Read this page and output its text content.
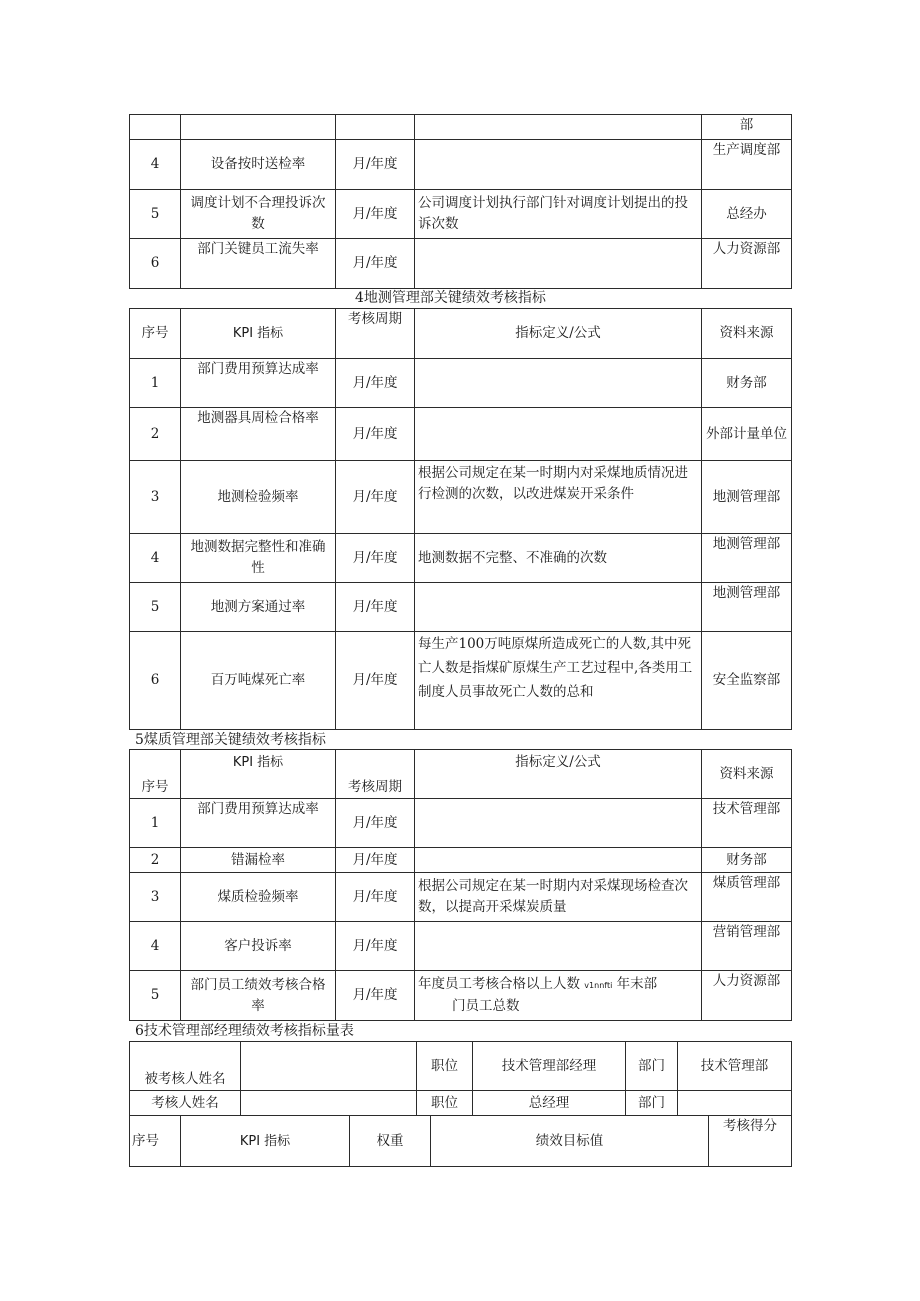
				部
4	设备按时送检率	月/年度		生产调度部
5	调度计划不合理投诉次数	月/年度	公司调度计划执行部门针对调度计划提出的投诉次数	总经办
6	部门关键员工流失率	月/年度		人力资源部
4地测管理部关键绩效考核指标
序号	KPI 指标	考核周期	指标定义/公式	资料来源
1	部门费用预算达成率	月/年度		财务部
2	地测器具周检合格率	月/年度		外部计量单位
3	地测检验频率	月/年度	根据公司规定在某一时期内对采煤地质情况进行检测的次数，以改进煤炭开采条件	地测管理部
4	地测数据完整性和准确性	月/年度	地测数据不完整、不准确的次数	地测管理部
5	地测方案通过率	月/年度		地测管理部
6	百万吨煤死亡率	月/年度	每生产100万吨原煤所造成死亡的人数,其中死亡人数是指煤矿原煤生产工艺过程中,各类用工制度人员事故死亡人数的总和	安全监察部
5煤质管理部关键绩效考核指标
序号	KPI 指标	考核周期	指标定义/公式	资料来源
1	部门费用预算达成率	月/年度		技术管理部
2	错漏检率	月/年度		财务部
3	煤质检验频率	月/年度	根据公司规定在某一时期内对采煤现场检查次数，以提高开采煤炭质量	煤质管理部
4	客户投诉率	月/年度		营销管理部
5	部门员工绩效考核合格率	月/年度	年度员工考核合格以上人数 v1nnfti 年末部
门员工总数	人力资源部
6技术管理部经理绩效考核指标量表
被考核人姓名		职位	技术管理部经理	部门	技术管理部
考核人姓名		职位	总经理	部门	
序号	KPI 指标	权重	绩效目标值	考核得分
